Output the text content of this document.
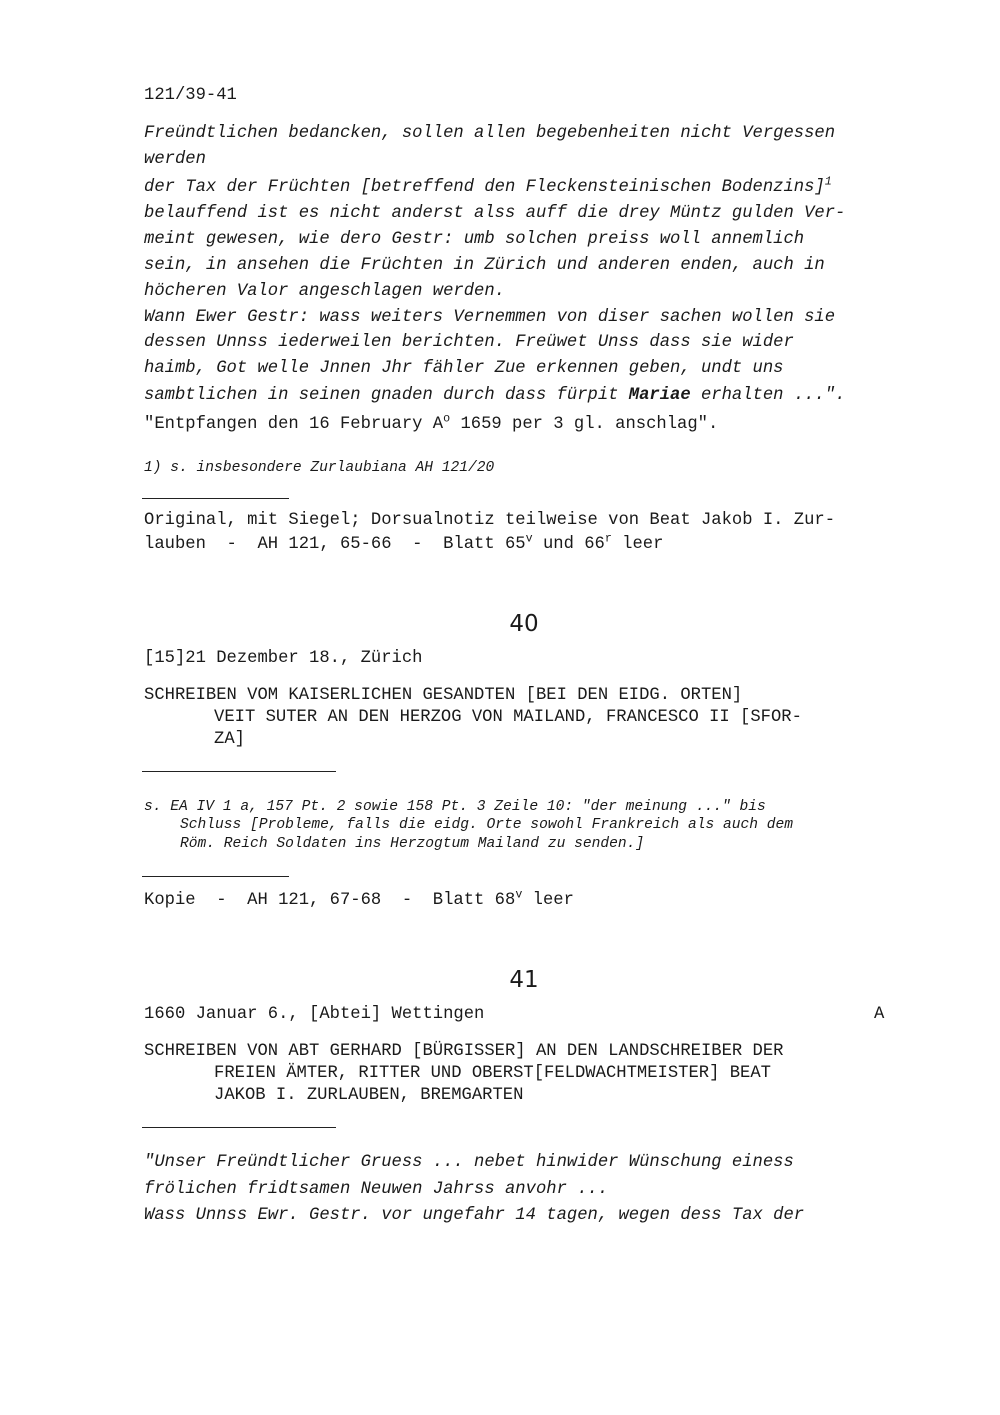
121/39-41
Freündtlichen bedancken, sollen allen begebenheiten nicht Vergessen
werden
der Tax der Früchten [betreffend den Fleckensteinischen Bodenzins]$^1$
belauffend ist es nicht anderst alss auff die drey Müntz gulden Ver-
meint gewesen, wie dero Gestr: umb solchen preiss woll annemlich
sein, in ansehen die Früchten in Zürich und anderen enden, auch in
höcheren Valor angeschlagen werden.
Wann Ewer Gestr: wass weiters Vernemmen von diser sachen wollen sie
dessen Unnss iederweilen berichten. Freüwet Unss dass sie wider
haimb, Got welle Jnnen Jhr fähler Zue erkennen geben, undt uns
sambtlichen in seinen gnaden durch dass fürpit Mariae erhalten ...".
"Entpfangen den 16 February $A^o$ 1659 per 3 gl. anschlag".
1) s. insbesondere Zurlaubiana AH 121/20
Original, mit Siegel; Dorsualnotiz teilweise von Beat Jakob I. Zur-
lauben  -  AH 121, 65-66  -  Blatt 65$^v$ und 66$^r$ leer
40
[15]21 Dezember 18., Zürich
SCHREIBEN VOM KAISERLICHEN GESANDTEN [BEI DEN EIDG. ORTEN]
VEIT SUTER AN DEN HERZOG VON MAILAND, FRANCESCO II [SFOR-
ZA]
s. EA IV 1 a, 157 Pt. 2 sowie 158 Pt. 3 Zeile 10: "der meinung ..." bis
Schluss [Probleme, falls die eidg. Orte sowohl Frankreich als auch dem
Röm. Reich Soldaten ins Herzogtum Mailand zu senden.]
Kopie  -  AH 121, 67-68  -  Blatt 68$^v$ leer
41
1660 Januar 6., [Abtei] Wettingen	A
SCHREIBEN VON ABT GERHARD [BÜRGISSER] AN DEN LANDSCHREIBER DER
FREIEN ÄMTER, RITTER UND OBERST[FELDWACHTMEISTER] BEAT
JAKOB I. ZURLAUBEN, BREMGARTEN
"Unser Freündtlicher Gruess ... nebet hinwider Wünschung einess
frölichen fridtsamen Neuwen Jahrss anvohr ...
Wass Unnss Ewr. Gestr. vor ungefahr 14 tagen, wegen dess Tax der
